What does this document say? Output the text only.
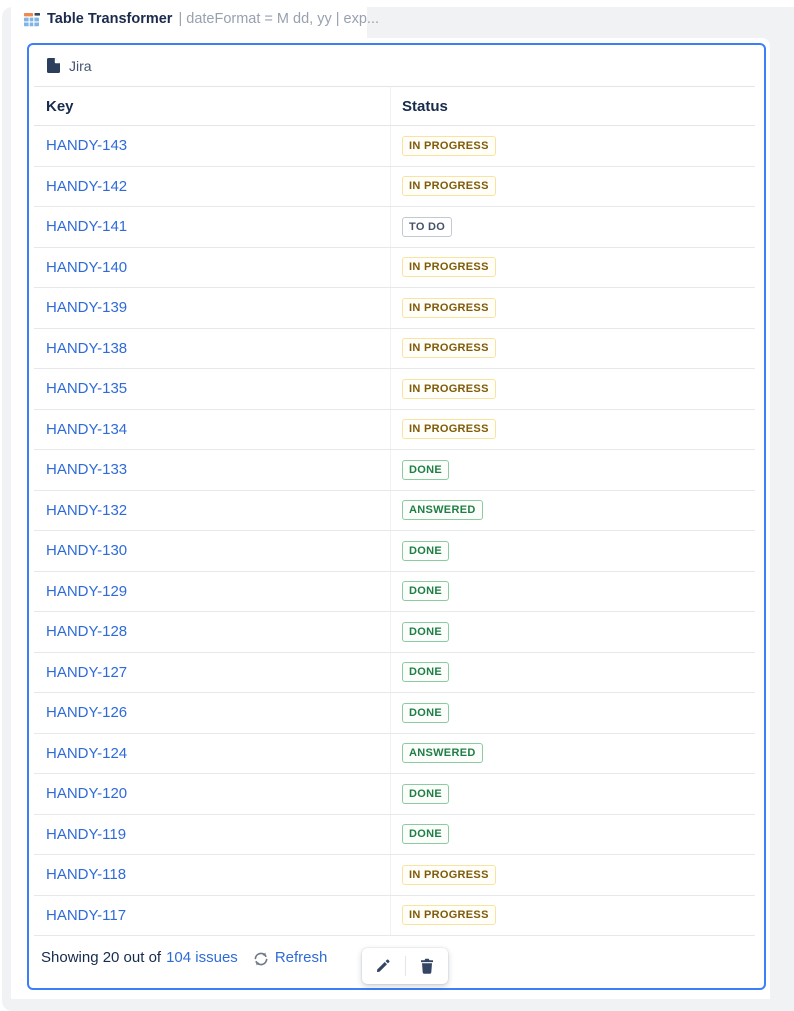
Table Transformer | dateFormat = M dd, yy | exp...
Jira
Key	Status
HANDY-143	IN PROGRESS
HANDY-142	IN PROGRESS
HANDY-141	TO DO
HANDY-140	IN PROGRESS
HANDY-139	IN PROGRESS
HANDY-138	IN PROGRESS
HANDY-135	IN PROGRESS
HANDY-134	IN PROGRESS
HANDY-133	DONE
HANDY-132	ANSWERED
HANDY-130	DONE
HANDY-129	DONE
HANDY-128	DONE
HANDY-127	DONE
HANDY-126	DONE
HANDY-124	ANSWERED
HANDY-120	DONE
HANDY-119	DONE
HANDY-118	IN PROGRESS
HANDY-117	IN PROGRESS
Showing 20 out of 104 issues Refresh
